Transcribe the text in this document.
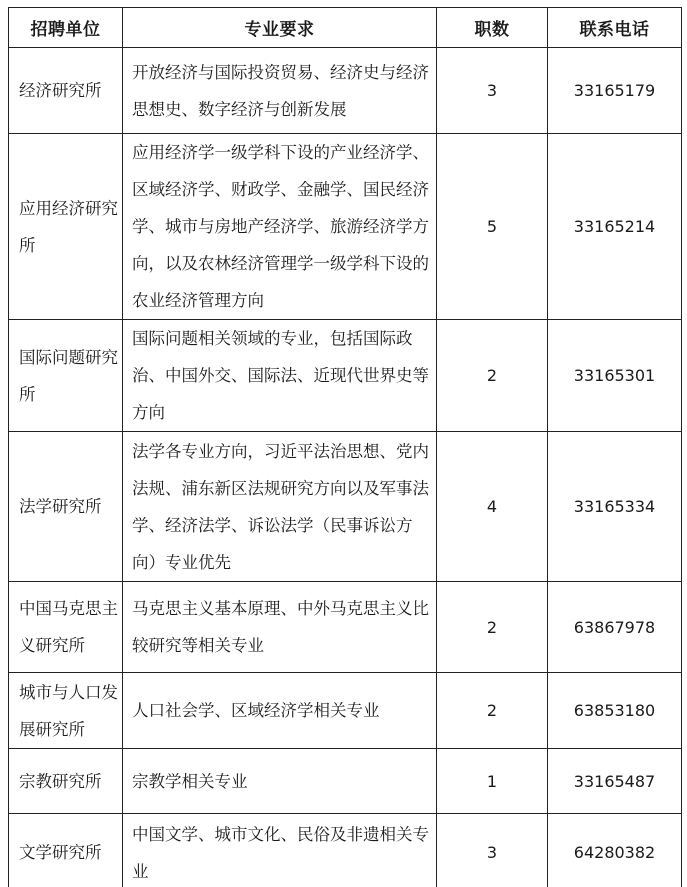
招聘单位	专业要求	职数	联系电话

经济研究所	开放经济与国际投资贸易、经济史与经济思想史、数字经济与创新发展	3	33165179

应用经济研究所	应用经济学一级学科下设的产业经济学、区域经济学、财政学、金融学、国民经济学、城市与房地产经济学、旅游经济学方向，以及农林经济管理学一级学科下设的农业经济管理方向	5	33165214

国际问题研究所	国际问题相关领域的专业，包括国际政治、中国外交、国际法、近现代世界史等方向	2	33165301

法学研究所	法学各专业方向，习近平法治思想、党内法规、浦东新区法规研究方向以及军事法学、经济法学、诉讼法学（民事诉讼方向）专业优先	4	33165334

中国马克思主义研究所	马克思主义基本原理、中外马克思主义比较研究等相关专业	2	63867978

城市与人口发展研究所	人口社会学、区域经济学相关专业	2	63853180

宗教研究所	宗教学相关专业	1	33165487

文学研究所	中国文学、城市文化、民俗及非遗相关专业	3	64280382
